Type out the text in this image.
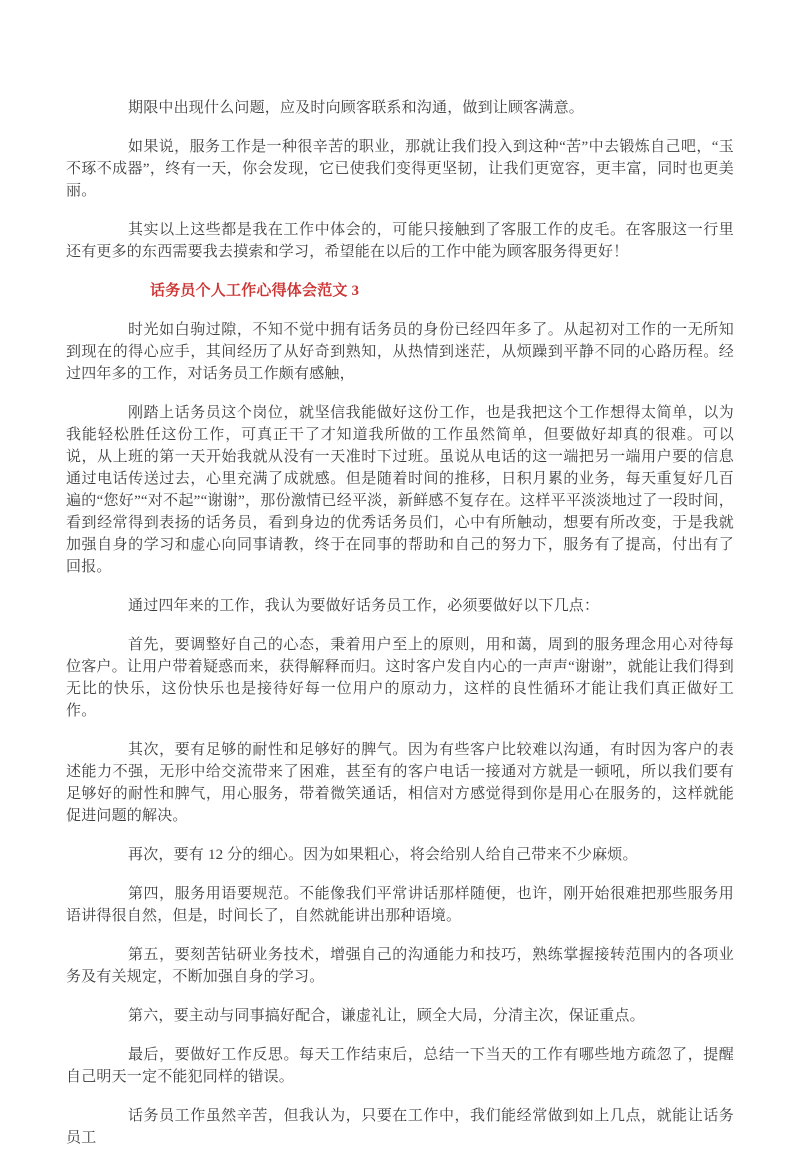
期限中出现什么问题，应及时向顾客联系和沟通，做到让顾客满意。

如果说，服务工作是一种很辛苦的职业，那就让我们投入到这种“苦”中去锻炼自己吧，“玉不琢不成器”，终有一天，你会发现，它已使我们变得更坚韧，让我们更宽容，更丰富，同时也更美丽。

其实以上这些都是我在工作中体会的，可能只接触到了客服工作的皮毛。在客服这一行里还有更多的东西需要我去摸索和学习，希望能在以后的工作中能为顾客服务得更好！

话务员个人工作心得体会范文 3

时光如白驹过隙，不知不觉中拥有话务员的身份已经四年多了。从起初对工作的一无所知到现在的得心应手，其间经历了从好奇到熟知，从热情到迷茫，从烦躁到平静不同的心路历程。经过四年多的工作，对话务员工作颇有感触，

刚踏上话务员这个岗位，就坚信我能做好这份工作，也是我把这个工作想得太简单，以为我能轻松胜任这份工作，可真正干了才知道我所做的工作虽然简单，但要做好却真的很难。可以说，从上班的第一天开始我就从没有一天准时下过班。虽说从电话的这一端把另一端用户要的信息通过电话传送过去，心里充满了成就感。但是随着时间的推移，日积月累的业务，每天重复好几百遍的“您好”“对不起”“谢谢”，那份激情已经平淡，新鲜感不复存在。这样平平淡淡地过了一段时间，看到经常得到表扬的话务员，看到身边的优秀话务员们，心中有所触动，想要有所改变，于是我就加强自身的学习和虚心向同事请教，终于在同事的帮助和自己的努力下，服务有了提高，付出有了回报。

通过四年来的工作，我认为要做好话务员工作，必须要做好以下几点：

首先，要调整好自己的心态，秉着用户至上的原则，用和蔼，周到的服务理念用心对待每位客户。让用户带着疑惑而来，获得解释而归。这时客户发自内心的一声声“谢谢”，就能让我们得到无比的快乐，这份快乐也是接待好每一位用户的原动力，这样的良性循环才能让我们真正做好工作。

其次，要有足够的耐性和足够好的脾气。因为有些客户比较难以沟通，有时因为客户的表述能力不强，无形中给交流带来了困难，甚至有的客户电话一接通对方就是一顿吼，所以我们要有足够好的耐性和脾气，用心服务，带着微笑通话，相信对方感觉得到你是用心在服务的，这样就能促进问题的解决。

再次，要有 12 分的细心。因为如果粗心，将会给别人给自己带来不少麻烦。

第四，服务用语要规范。不能像我们平常讲话那样随便，也许，刚开始很难把那些服务用语讲得很自然，但是，时间长了，自然就能讲出那种语境。

第五，要刻苦钻研业务技术，增强自己的沟通能力和技巧，熟练掌握接转范围内的各项业务及有关规定，不断加强自身的学习。

第六，要主动与同事搞好配合，谦虚礼让，顾全大局，分清主次，保证重点。

最后，要做好工作反思。每天工作结束后，总结一下当天的工作有哪些地方疏忽了，提醒自己明天一定不能犯同样的错误。

话务员工作虽然辛苦，但我认为，只要在工作中，我们能经常做到如上几点，就能让话务员工
